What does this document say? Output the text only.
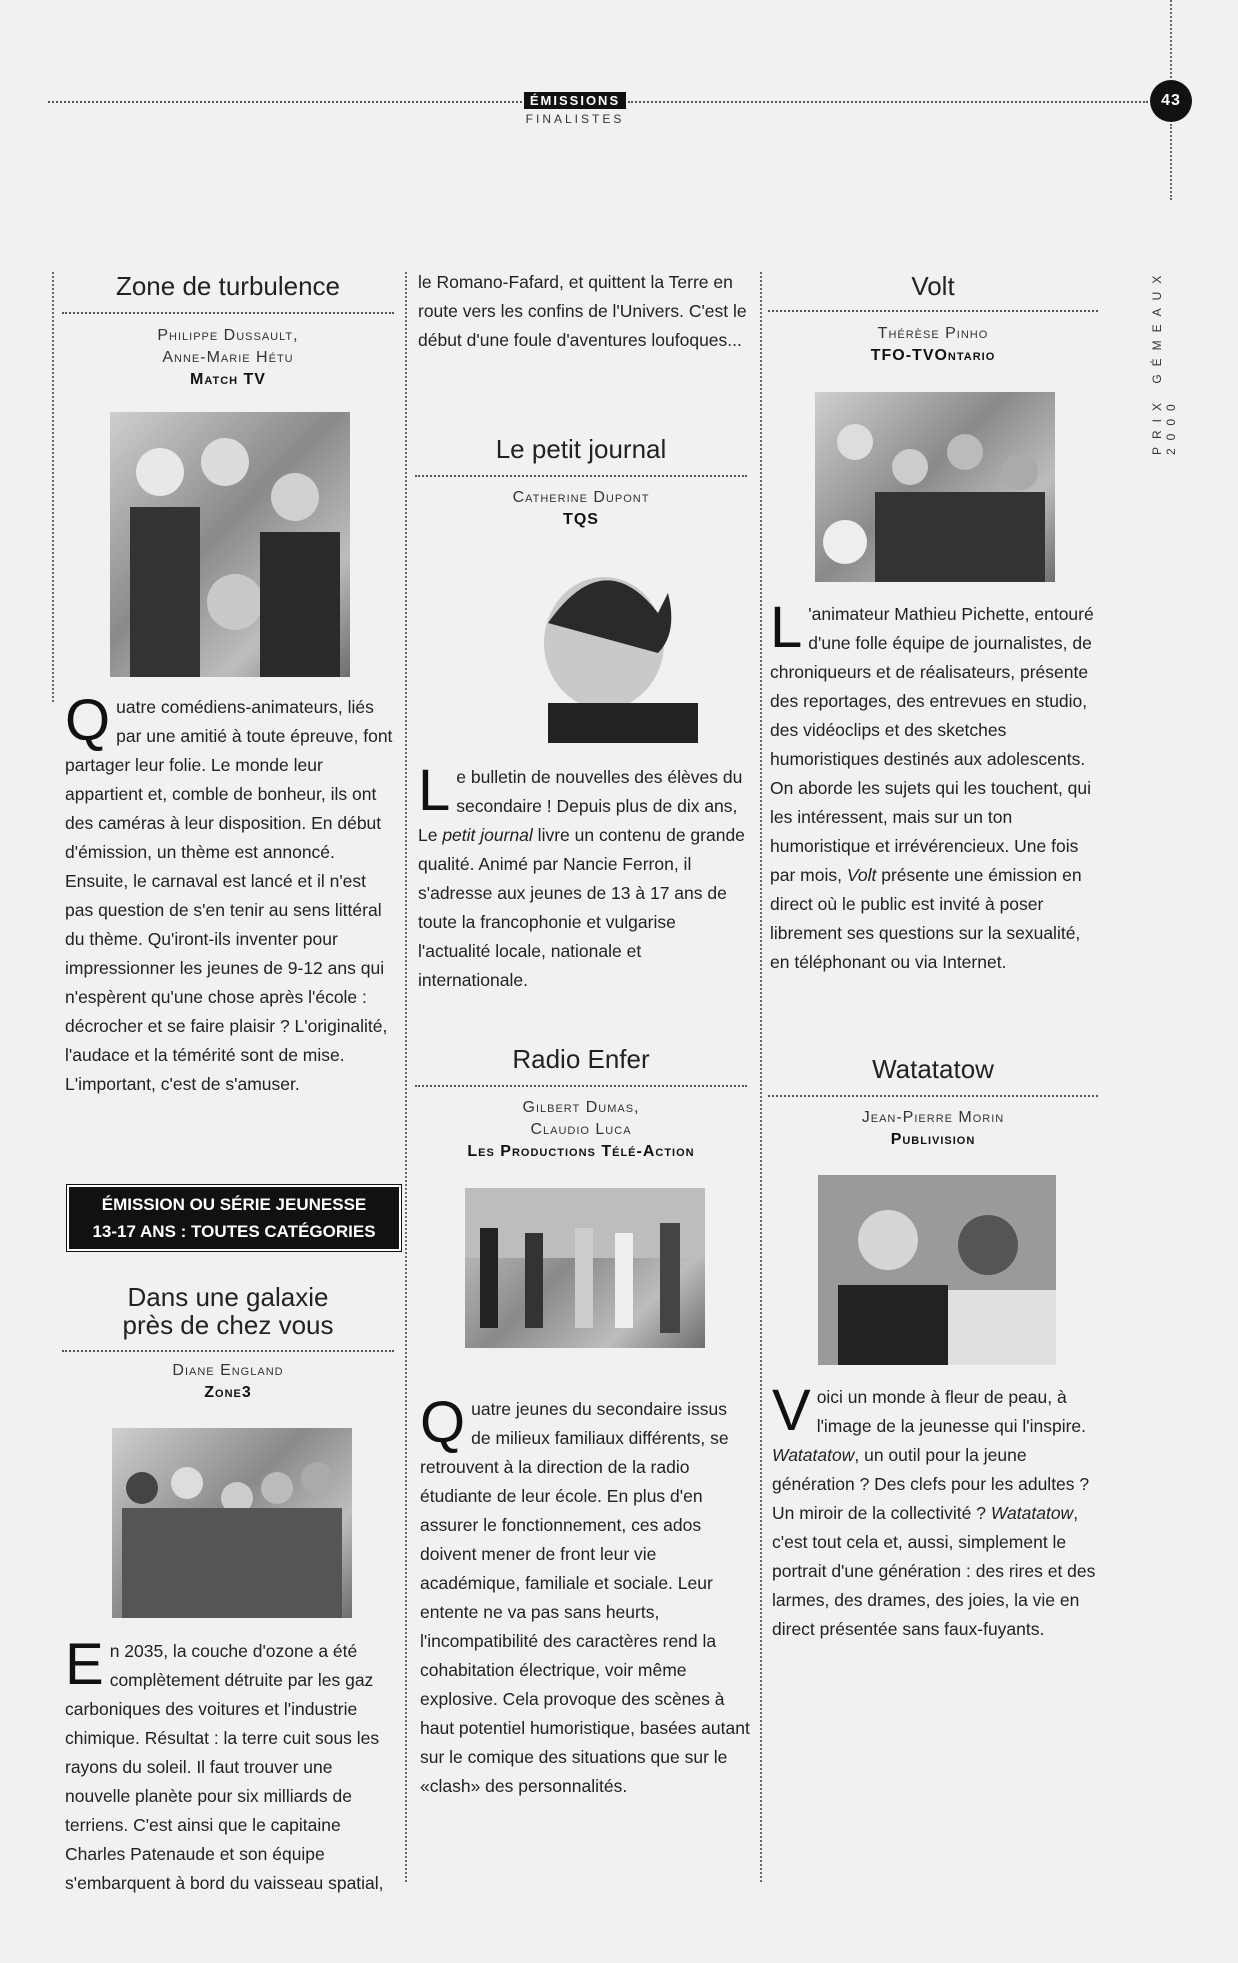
ÉMISSIONS
FINALISTES
43
PRIX GÉMEAUX 2000
Zone de turbulence
Philippe Dussault,
Anne-Marie Hétu
Match TV
Quatre comédiens-animateurs, liés par une amitié à toute épreuve, font partager leur folie. Le monde leur appartient et, comble de bonheur, ils ont des caméras à leur disposition. En début d'émission, un thème est annoncé. Ensuite, le carnaval est lancé et il n'est pas question de s'en tenir au sens littéral du thème. Qu'iront-ils inventer pour impressionner les jeunes de 9-12 ans qui n'espèrent qu'une chose après l'école : décrocher et se faire plaisir ? L'originalité, l'audace et la témérité sont de mise. L'important, c'est de s'amuser.
ÉMISSION OU SÉRIE JEUNESSE
13-17 ANS : TOUTES CATÉGORIES
Dans une galaxie
près de chez vous
Diane England
Zone3
En 2035, la couche d'ozone a été complètement détruite par les gaz carboniques des voitures et l'industrie chimique. Résultat : la terre cuit sous les rayons du soleil. Il faut trouver une nouvelle planète pour six milliards de terriens. C'est ainsi que le capitaine Charles Patenaude et son équipe s'embarquent à bord du vaisseau spatial,
le Romano-Fafard, et quittent la Terre en route vers les confins de l'Univers. C'est le début d'une foule d'aventures loufoques...
Le petit journal
Catherine Dupont
TQS
Le bulletin de nouvelles des élèves du secondaire ! Depuis plus de dix ans, Le petit journal livre un contenu de grande qualité. Animé par Nancie Ferron, il s'adresse aux jeunes de 13 à 17 ans de toute la francophonie et vulgarise l'actualité locale, nationale et internationale.
Radio Enfer
Gilbert Dumas,
Claudio Luca
Les Productions Télé-Action
Quatre jeunes du secondaire issus de milieux familiaux différents, se retrouvent à la direction de la radio étudiante de leur école. En plus d'en assurer le fonctionnement, ces ados doivent mener de front leur vie académique, familiale et sociale. Leur entente ne va pas sans heurts, l'incompatibilité des caractères rend la cohabitation électrique, voir même explosive. Cela provoque des scènes à haut potentiel humoristique, basées autant sur le comique des situations que sur le «clash» des personnalités.
Volt
Thérèse Pinho
TFO-TVOntario
L 'animateur Mathieu Pichette, entouré d'une folle équipe de journalistes, de chroniqueurs et de réalisateurs, présente des reportages, des entrevues en studio, des vidéoclips et des sketches humoristiques destinés aux adolescents. On aborde les sujets qui les touchent, qui les intéressent, mais sur un ton humoristique et irrévérencieux. Une fois par mois, Volt présente une émission en direct où le public est invité à poser librement ses questions sur la sexualité, en téléphonant ou via Internet.
Watatatow
Jean-Pierre Morin
Publivision
Voici un monde à fleur de peau, à l'image de la jeunesse qui l'inspire. Watatatow, un outil pour la jeune génération ? Des clefs pour les adultes ? Un miroir de la collectivité ? Watatatow, c'est tout cela et, aussi, simplement le portrait d'une génération : des rires et des larmes, des drames, des joies, la vie en direct présentée sans faux-fuyants.
